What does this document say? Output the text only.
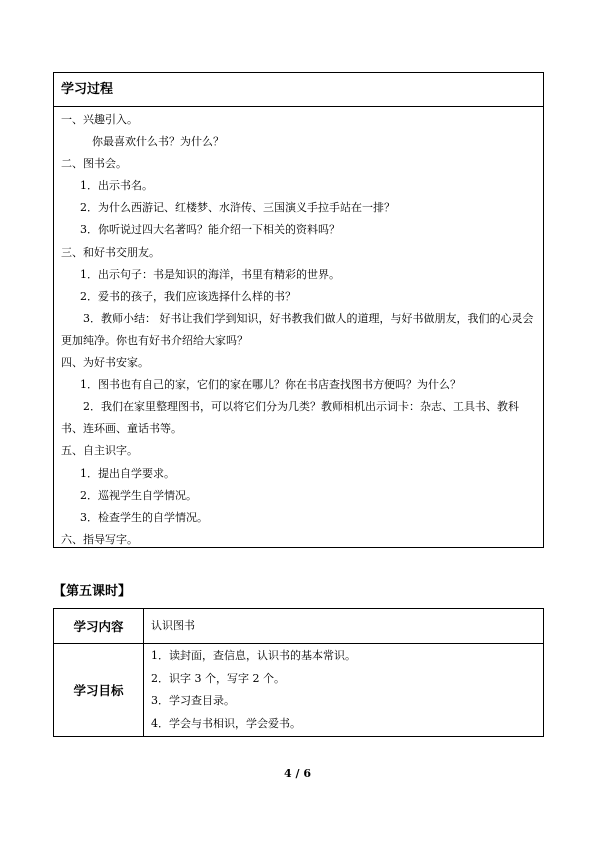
学习过程

一、兴趣引入。
你最喜欢什么书？为什么？
二、图书会。
1．出示书名。
2．为什么西游记、红楼梦、水浒传、三国演义手拉手站在一排？
3．你听说过四大名著吗？能介绍一下相关的资料吗？
三、和好书交朋友。
1．出示句子：书是知识的海洋，书里有精彩的世界。
2．爱书的孩子，我们应该选择什么样的书？
3．教师小结： 好书让我们学到知识，好书教我们做人的道理，与好书做朋友，我们的心灵会更加纯净。你也有好书介绍给大家吗？
四、为好书安家。
1．图书也有自己的家，它们的家在哪儿？你在书店查找图书方便吗？为什么？
2．我们在家里整理图书，可以将它们分为几类？教师相机出示词卡：杂志、工具书、教科书、连环画、童话书等。
五、自主识字。
1．提出自学要求。
2．巡视学生自学情况。
3．检查学生的自学情况。
六、指导写字。
【第五课时】
学习内容	认识图书

学习目标	1．读封面，查信息，认识书的基本常识。
2．识字 3 个，写字 2 个。
3．学习查目录。
4．学会与书相识，学会爱书。
4 / 6
